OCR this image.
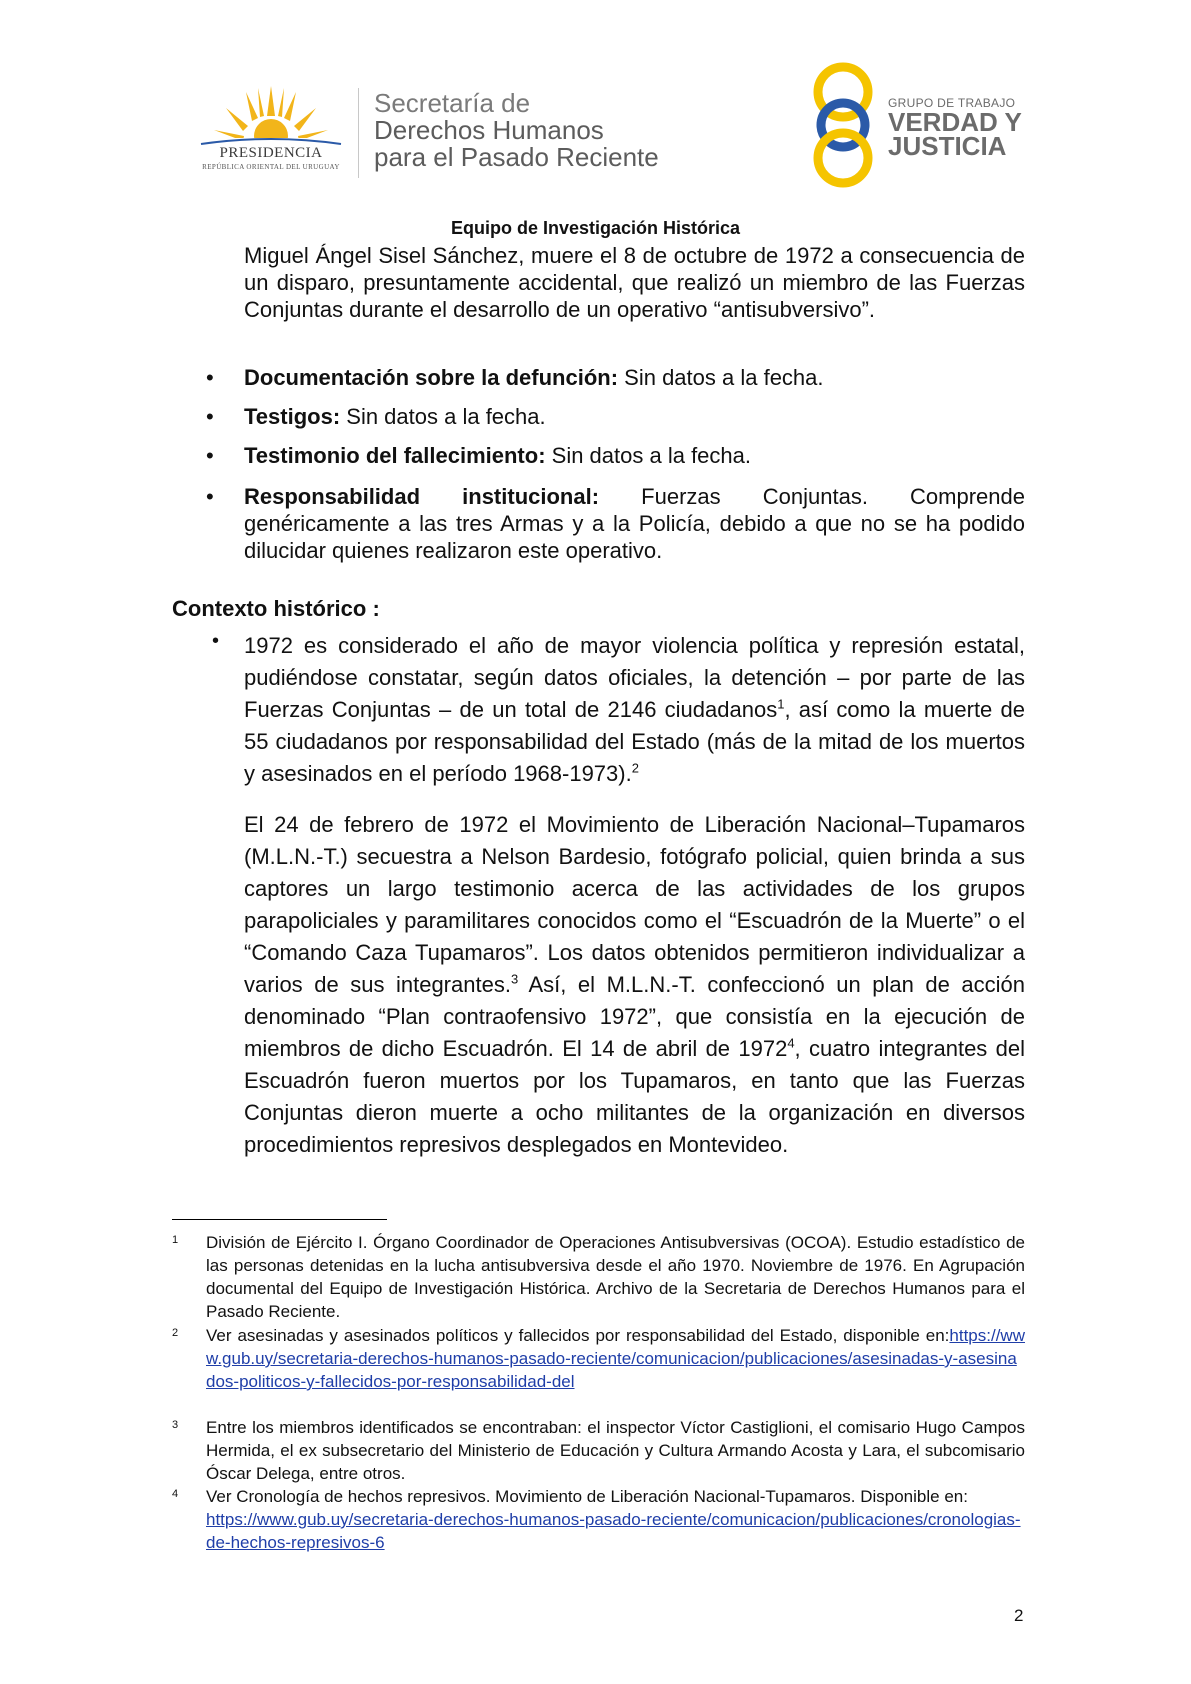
PRESIDENCIA
REPÚBLICA ORIENTAL DEL URUGUAY
Secretaría de
Derechos Humanos
para el Pasado Reciente
GRUPO DE TRABAJO
VERDAD Y
JUSTICIA
Equipo de Investigación Histórica
Miguel Ángel Sisel Sánchez, muere el 8 de octubre de 1972 a consecuencia de un disparo, presuntamente accidental, que realizó un miembro de las Fuerzas Conjuntas durante el desarrollo de un operativo “antisubversivo”.
• Documentación sobre la defunción: Sin datos a la fecha.
• Testigos: Sin datos a la fecha.
• Testimonio del fallecimiento: Sin datos a la fecha.
• Responsabilidad institucional: Fuerzas Conjuntas. Comprende genéricamente a las tres Armas y a la Policía, debido a que no se ha podido dilucidar quienes realizaron este operativo.
Contexto histórico :
• 1972 es considerado el año de mayor violencia política y represión estatal, pudiéndose constatar, según datos oficiales, la detención – por parte de las Fuerzas Conjuntas – de un total de 2146 ciudadanos$^1$, así como la muerte de 55 ciudadanos por responsabilidad del Estado (más de la mitad de los muertos y asesinados en el período 1968-1973).$^2$
El 24 de febrero de 1972 el Movimiento de Liberación Nacional–Tupamaros (M.L.N.-T.) secuestra a Nelson Bardesio, fotógrafo policial, quien brinda a sus captores un largo testimonio acerca de las actividades de los grupos parapoliciales y paramilitares conocidos como el “Escuadrón de la Muerte” o el “Comando Caza Tupamaros”. Los datos obtenidos permitieron individualizar a varios de sus integrantes.$^3$ Así, el M.L.N.-T. confeccionó un plan de acción denominado “Plan contraofensivo 1972”, que consistía en la ejecución de miembros de dicho Escuadrón. El 14 de abril de 1972$^4$, cuatro integrantes del Escuadrón fueron muertos por los Tupamaros, en tanto que las Fuerzas Conjuntas dieron muerte a ocho militantes de la organización en diversos procedimientos represivos desplegados en Montevideo.
1 División de Ejército I. Órgano Coordinador de Operaciones Antisubversivas (OCOA). Estudio estadístico de las personas detenidas en la lucha antisubversiva desde el año 1970. Noviembre de 1976. En Agrupación documental del Equipo de Investigación Histórica. Archivo de la Secretaria de Derechos Humanos para el Pasado Reciente.
2 Ver asesinadas y asesinados políticos y fallecidos por responsabilidad del Estado, disponible en:https://www.gub.uy/secretaria-derechos-humanos-pasado-reciente/comunicacion/publicaciones/asesinadas-y-asesinados-politicos-y-fallecidos-por-responsabilidad-del
3 Entre los miembros identificados se encontraban: el inspector Víctor Castiglioni, el comisario Hugo Campos Hermida, el ex subsecretario del Ministerio de Educación y Cultura Armando Acosta y Lara, el subcomisario Óscar Delega, entre otros.
4 Ver Cronología de hechos represivos. Movimiento de Liberación Nacional-Tupamaros. Disponible en:
https://www.gub.uy/secretaria-derechos-humanos-pasado-reciente/comunicacion/publicaciones/cronologias-de-hechos-represivos-6
2
